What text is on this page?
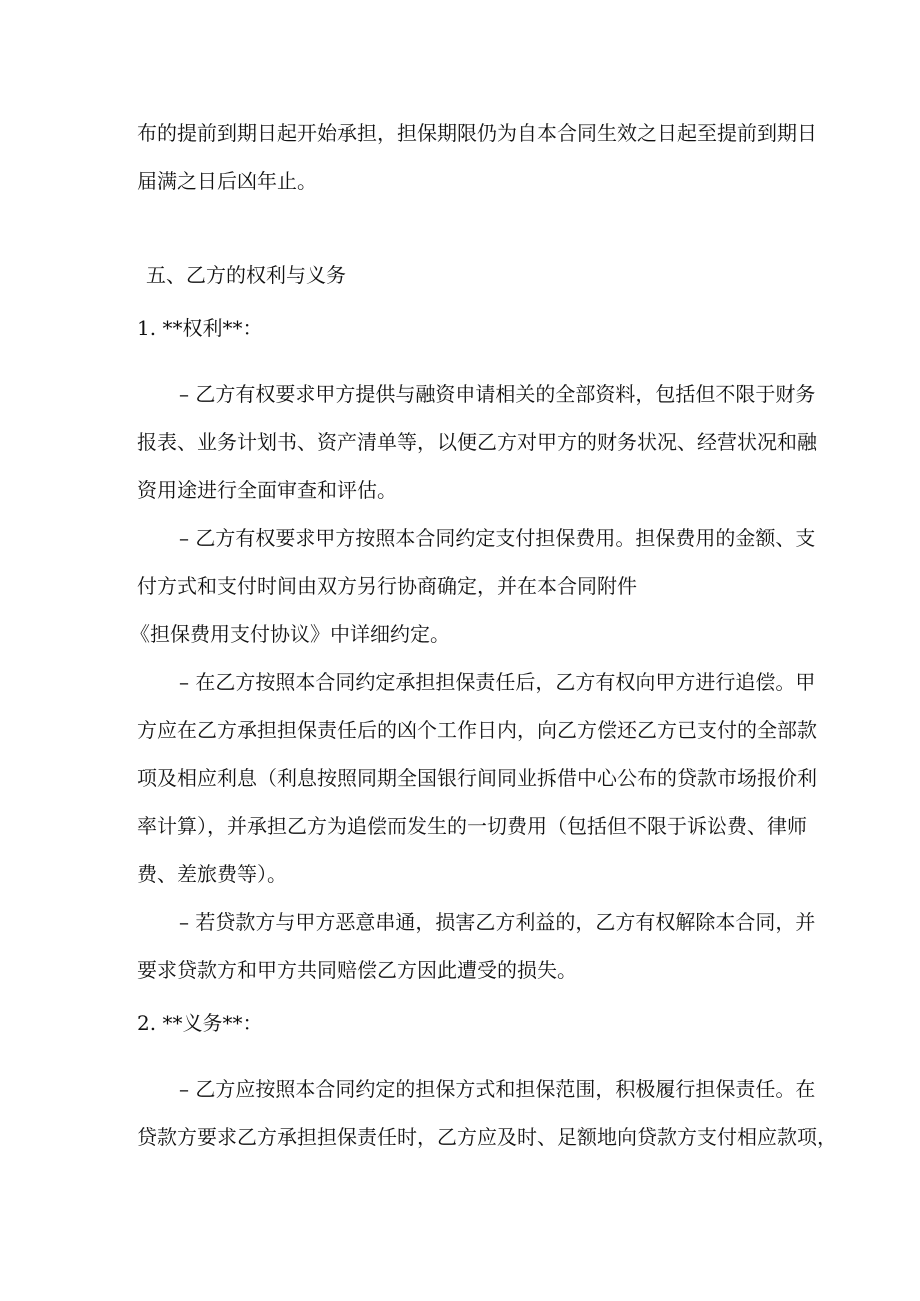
布的提前到期日起开始承担，担保期限仍为自本合同生效之日起至提前到期日
届满之日后凶年止。
五、乙方的权利与义务
1. **权利**：
– 乙方有权要求甲方提供与融资申请相关的全部资料，包括但不限于财务
报表、业务计划书、资产清单等，以便乙方对甲方的财务状况、经营状况和融
资用途进行全面审查和评估。
– 乙方有权要求甲方按照本合同约定支付担保费用。担保费用的金额、支
付方式和支付时间由双方另行协商确定，并在本合同附件
《担保费用支付协议》中详细约定。
– 在乙方按照本合同约定承担担保责任后，乙方有权向甲方进行追偿。甲
方应在乙方承担担保责任后的凶个工作日内，向乙方偿还乙方已支付的全部款
项及相应利息（利息按照同期全国银行间同业拆借中心公布的贷款市场报价利
率计算），并承担乙方为追偿而发生的一切费用（包括但不限于诉讼费、律师
费、差旅费等）。
– 若贷款方与甲方恶意串通，损害乙方利益的，乙方有权解除本合同，并
要求贷款方和甲方共同赔偿乙方因此遭受的损失。
2. **义务**：
– 乙方应按照本合同约定的担保方式和担保范围，积极履行担保责任。在
贷款方要求乙方承担担保责任时，乙方应及时、足额地向贷款方支付相应款项，
